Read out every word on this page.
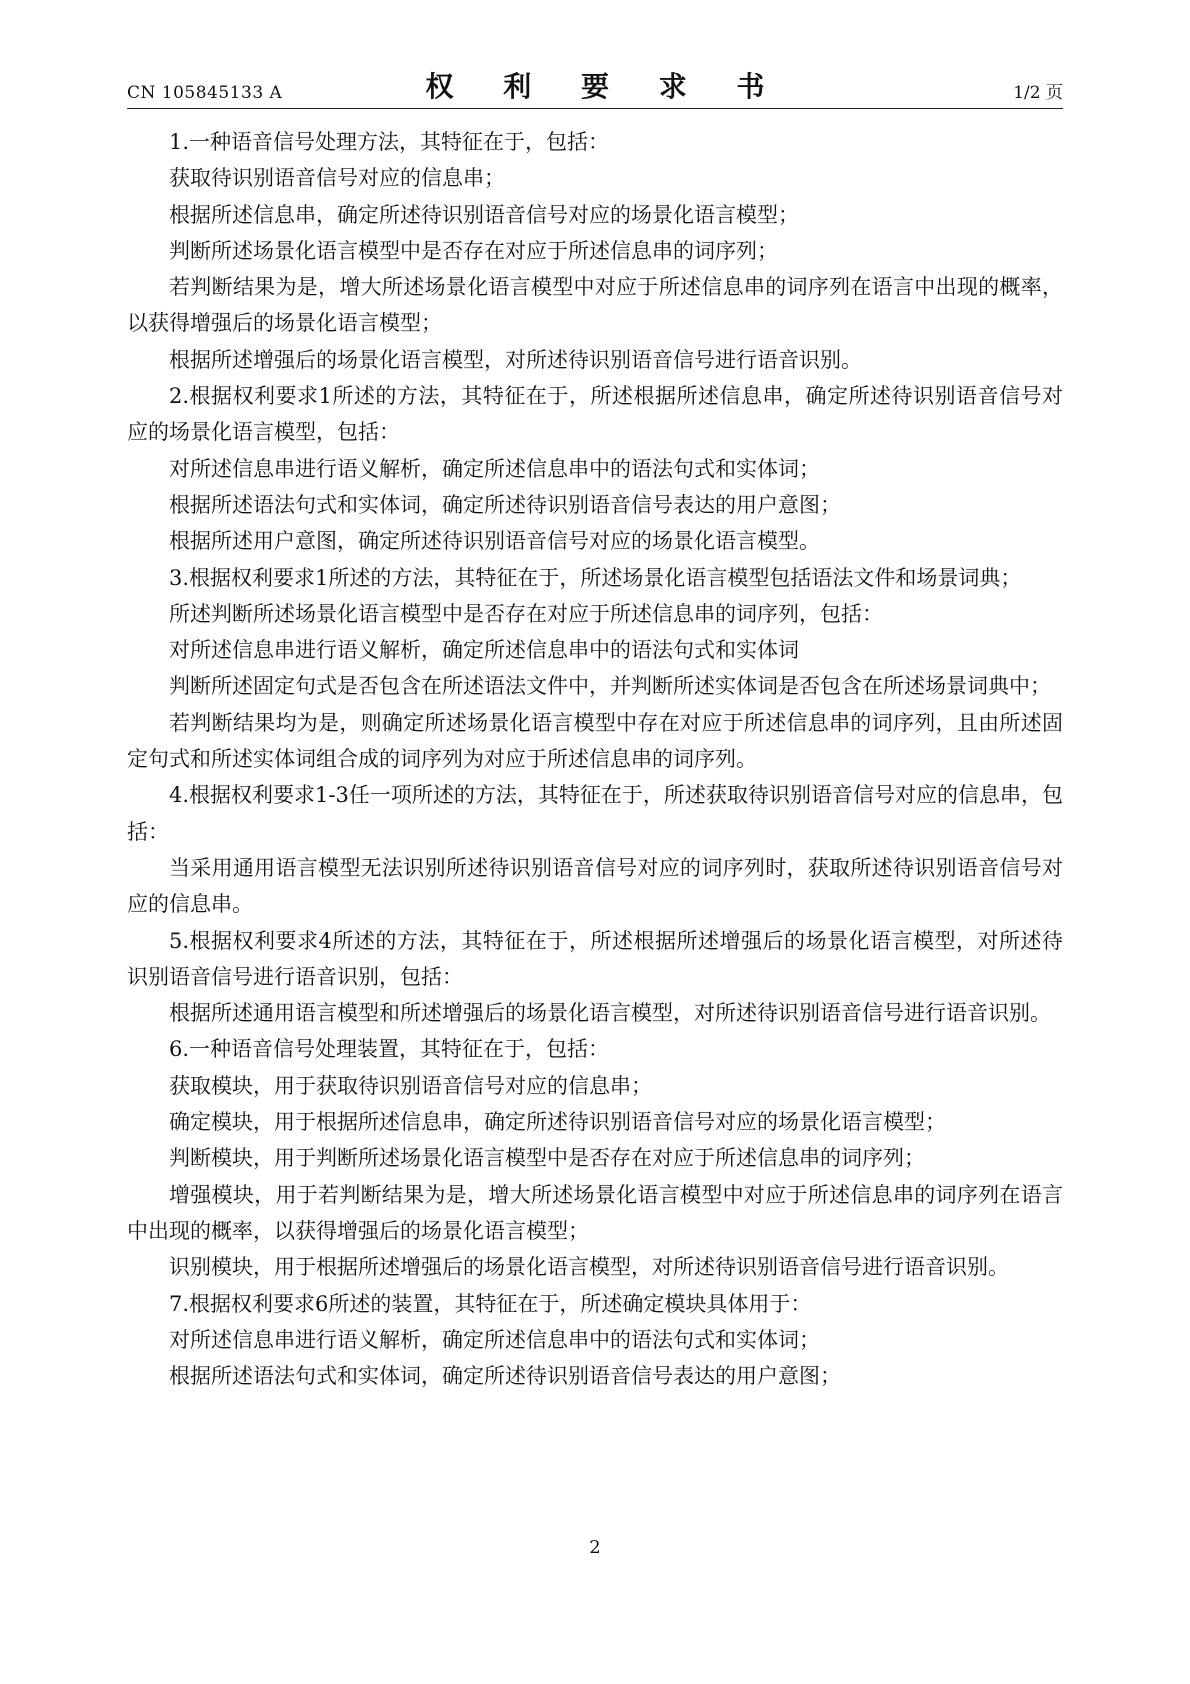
CN 105845133 A	权 利 要 求 书	1/2 页

1.一种语音信号处理方法，其特征在于，包括：

获取待识别语音信号对应的信息串；

根据所述信息串，确定所述待识别语音信号对应的场景化语言模型；

判断所述场景化语言模型中是否存在对应于所述信息串的词序列；

若判断结果为是，增大所述场景化语言模型中对应于所述信息串的词序列在语言中出现的概率，以获得增强后的场景化语言模型；

根据所述增强后的场景化语言模型，对所述待识别语音信号进行语音识别。

2.根据权利要求1所述的方法，其特征在于，所述根据所述信息串，确定所述待识别语音信号对应的场景化语言模型，包括：

对所述信息串进行语义解析，确定所述信息串中的语法句式和实体词；

根据所述语法句式和实体词，确定所述待识别语音信号表达的用户意图；

根据所述用户意图，确定所述待识别语音信号对应的场景化语言模型。

3.根据权利要求1所述的方法，其特征在于，所述场景化语言模型包括语法文件和场景词典；

所述判断所述场景化语言模型中是否存在对应于所述信息串的词序列，包括：

对所述信息串进行语义解析，确定所述信息串中的语法句式和实体词

判断所述固定句式是否包含在所述语法文件中，并判断所述实体词是否包含在所述场景词典中；

若判断结果均为是，则确定所述场景化语言模型中存在对应于所述信息串的词序列，且由所述固定句式和所述实体词组合成的词序列为对应于所述信息串的词序列。

4.根据权利要求1-3任一项所述的方法，其特征在于，所述获取待识别语音信号对应的信息串，包括：

当采用通用语言模型无法识别所述待识别语音信号对应的词序列时，获取所述待识别语音信号对应的信息串。

5.根据权利要求4所述的方法，其特征在于，所述根据所述增强后的场景化语言模型，对所述待识别语音信号进行语音识别，包括：

根据所述通用语言模型和所述增强后的场景化语言模型，对所述待识别语音信号进行语音识别。

6.一种语音信号处理装置，其特征在于，包括：

获取模块，用于获取待识别语音信号对应的信息串；

确定模块，用于根据所述信息串，确定所述待识别语音信号对应的场景化语言模型；

判断模块，用于判断所述场景化语言模型中是否存在对应于所述信息串的词序列；

增强模块，用于若判断结果为是，增大所述场景化语言模型中对应于所述信息串的词序列在语言中出现的概率，以获得增强后的场景化语言模型；

识别模块，用于根据所述增强后的场景化语言模型，对所述待识别语音信号进行语音识别。

7.根据权利要求6所述的装置，其特征在于，所述确定模块具体用于：

对所述信息串进行语义解析，确定所述信息串中的语法句式和实体词；

根据所述语法句式和实体词，确定所述待识别语音信号表达的用户意图；

2
